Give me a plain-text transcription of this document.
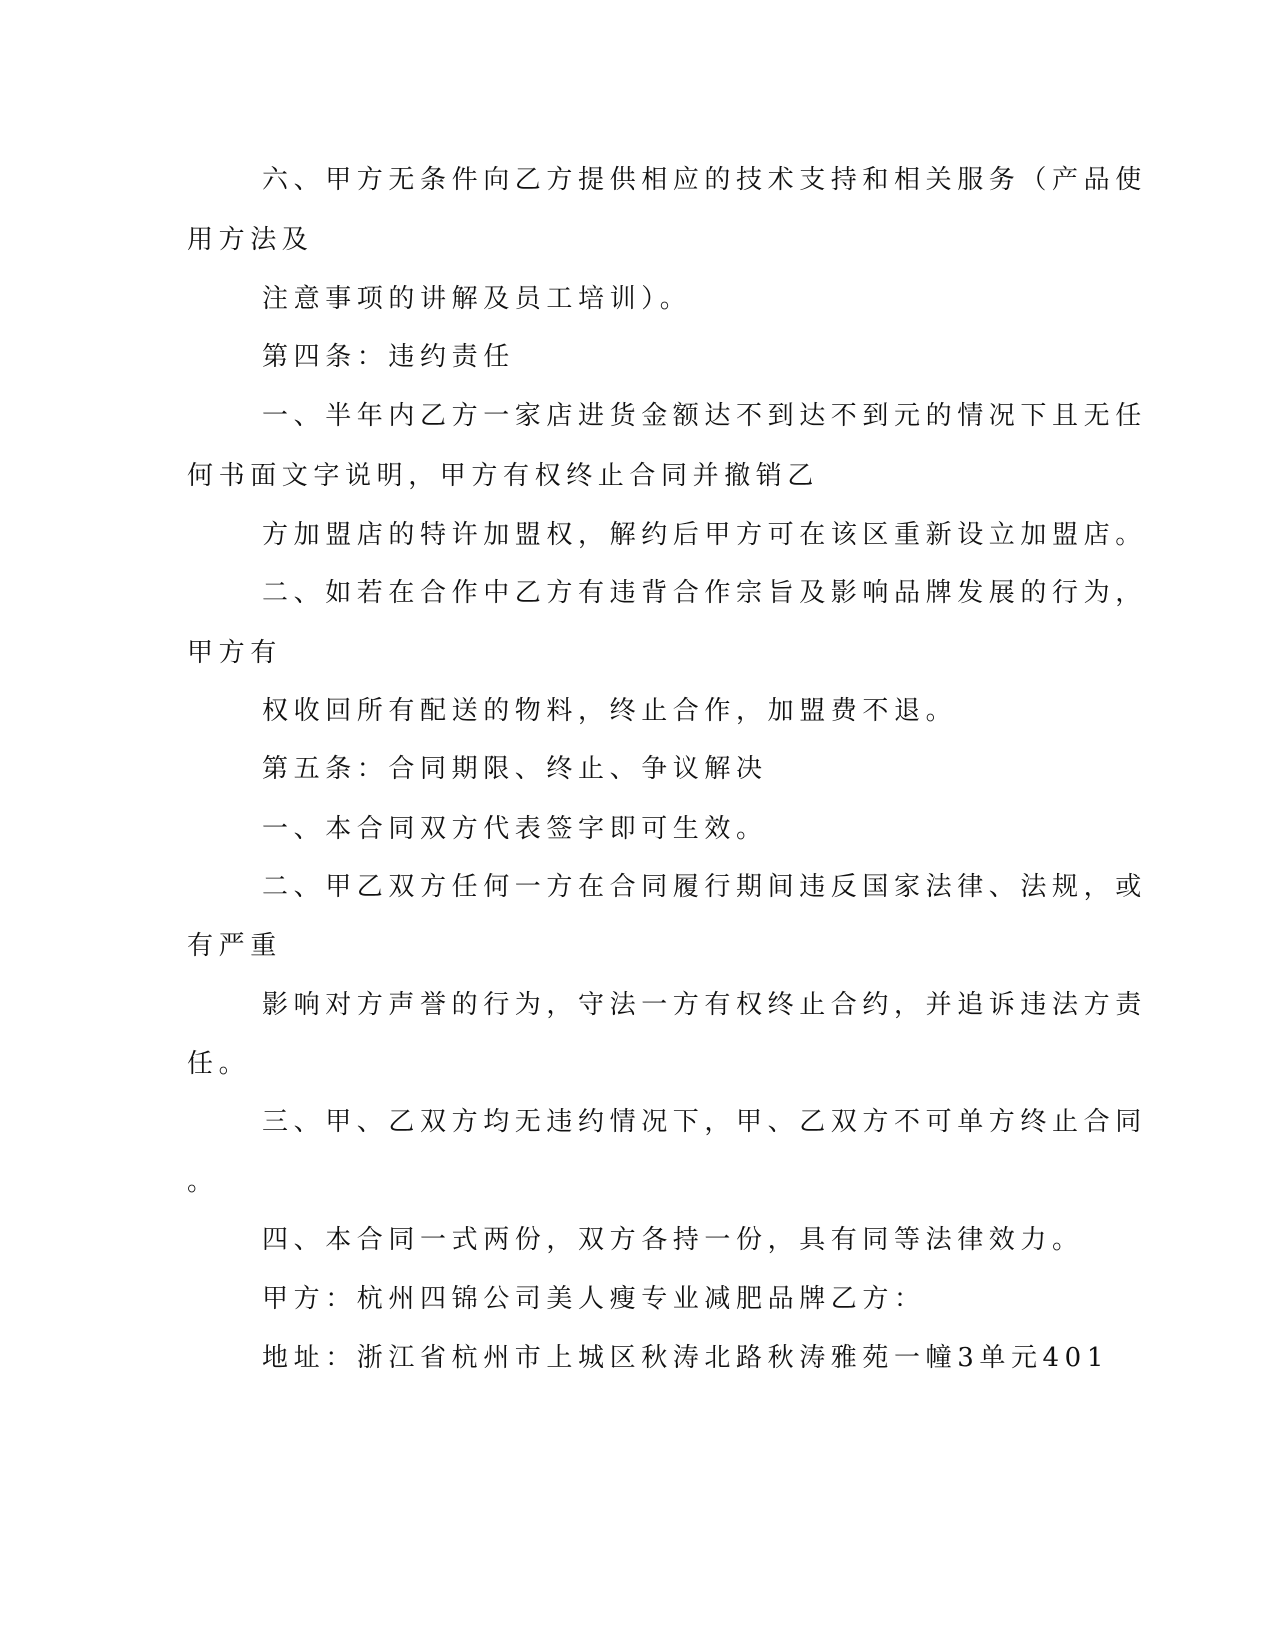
六、甲方无条件向乙方提供相应的技术支持和相关服务（产品使
用方法及
注意事项的讲解及员工培训）。
第四条：违约责任
一、半年内乙方一家店进货金额达不到达不到元的情况下且无任
何书面文字说明，甲方有权终止合同并撤销乙
方加盟店的特许加盟权，解约后甲方可在该区重新设立加盟店。
二、如若在合作中乙方有违背合作宗旨及影响品牌发展的行为，
甲方有
权收回所有配送的物料，终止合作，加盟费不退。
第五条：合同期限、终止、争议解决
一、本合同双方代表签字即可生效。
二、甲乙双方任何一方在合同履行期间违反国家法律、法规，或
有严重
影响对方声誉的行为，守法一方有权终止合约，并追诉违法方责
任。
三、甲、乙双方均无违约情况下，甲、乙双方不可单方终止合同
。
四、本合同一式两份，双方各持一份，具有同等法律效力。
甲方：杭州四锦公司美人瘦专业减肥品牌乙方：
地址：浙江省杭州市上城区秋涛北路秋涛雅苑一幢3单元401
